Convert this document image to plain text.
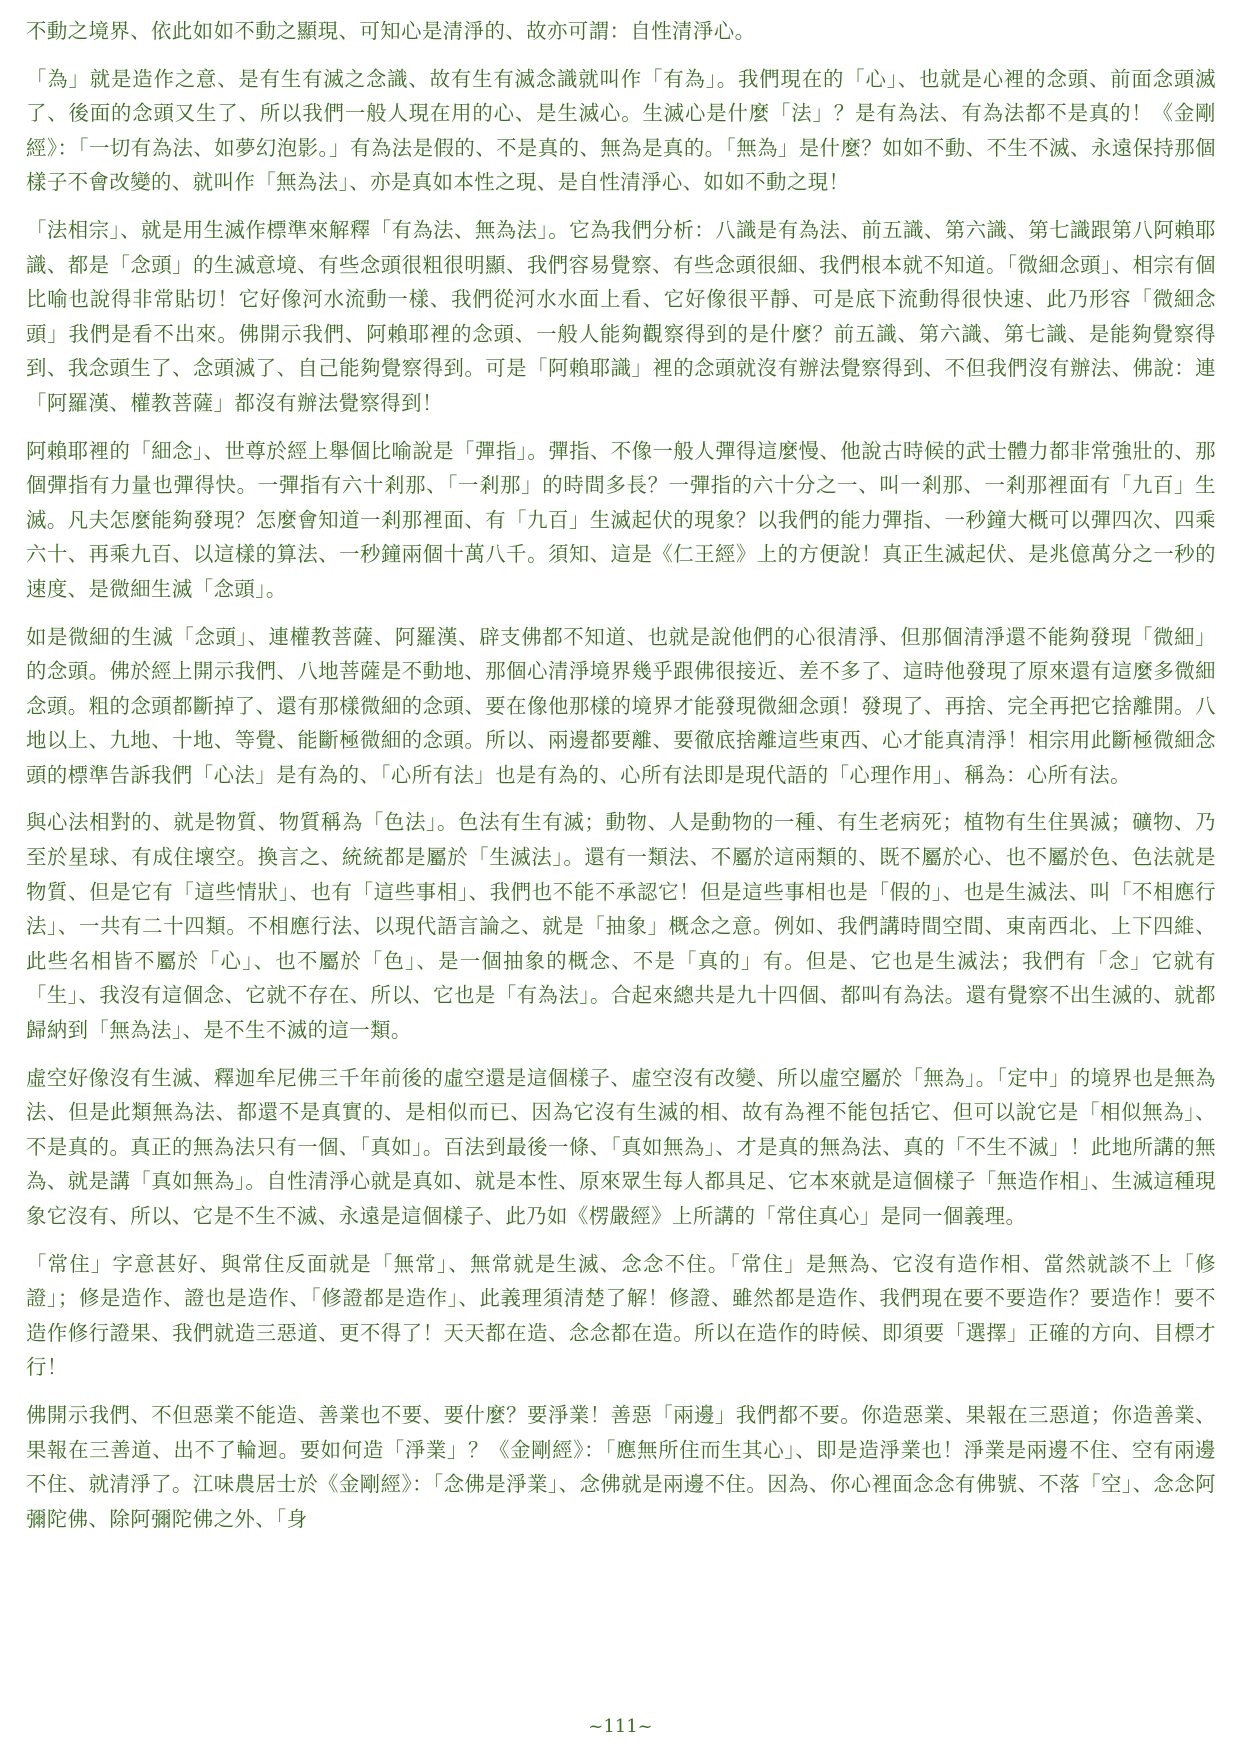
不動之境界、依此如如不動之顯現、可知心是清淨的、故亦可謂：自性清淨心。

「為」就是造作之意、是有生有滅之念識、故有生有滅念識就叫作「有為」。我們現在的「心」、也就是心裡的念頭、前面念頭滅了、後面的念頭又生了、所以我們一般人現在用的心、是生滅心。生滅心是什麼「法」？是有為法、有為法都不是真的！《金剛經》：「一切有為法、如夢幻泡影。」有為法是假的、不是真的、無為是真的。「無為」是什麼？如如不動、不生不滅、永遠保持那個樣子不會改變的、就叫作「無為法」、亦是真如本性之現、是自性清淨心、如如不動之現！

「法相宗」、就是用生滅作標準來解釋「有為法、無為法」。它為我們分析：八識是有為法、前五識、第六識、第七識跟第八阿賴耶識、都是「念頭」的生滅意境、有些念頭很粗很明顯、我們容易覺察、有些念頭很細、我們根本就不知道。「微細念頭」、相宗有個比喻也說得非常貼切！它好像河水流動一樣、我們從河水水面上看、它好像很平靜、可是底下流動得很快速、此乃形容「微細念頭」我們是看不出來。佛開示我們、阿賴耶裡的念頭、一般人能夠觀察得到的是什麼？前五識、第六識、第七識、是能夠覺察得到、我念頭生了、念頭滅了、自己能夠覺察得到。可是「阿賴耶識」裡的念頭就沒有辦法覺察得到、不但我們沒有辦法、佛說：連「阿羅漢、權教菩薩」都沒有辦法覺察得到！

阿賴耶裡的「細念」、世尊於經上舉個比喻說是「彈指」。彈指、不像一般人彈得這麼慢、他說古時候的武士體力都非常強壯的、那個彈指有力量也彈得快。一彈指有六十剎那、「一剎那」的時間多長？一彈指的六十分之一、叫一剎那、一剎那裡面有「九百」生滅。凡夫怎麼能夠發現？怎麼會知道一剎那裡面、有「九百」生滅起伏的現象？以我們的能力彈指、一秒鐘大概可以彈四次、四乘六十、再乘九百、以這樣的算法、一秒鐘兩個十萬八千。須知、這是《仁王經》上的方便說！真正生滅起伏、是兆億萬分之一秒的速度、是微細生滅「念頭」。

如是微細的生滅「念頭」、連權教菩薩、阿羅漢、辟支佛都不知道、也就是說他們的心很清淨、但那個清淨還不能夠發現「微細」的念頭。佛於經上開示我們、八地菩薩是不動地、那個心清淨境界幾乎跟佛很接近、差不多了、這時他發現了原來還有這麼多微細念頭。粗的念頭都斷掉了、還有那樣微細的念頭、要在像他那樣的境界才能發現微細念頭！發現了、再捨、完全再把它捨離開。八地以上、九地、十地、等覺、能斷極微細的念頭。所以、兩邊都要離、要徹底捨離這些東西、心才能真清淨！相宗用此斷極微細念頭的標準告訴我們「心法」是有為的、「心所有法」也是有為的、心所有法即是現代語的「心理作用」、稱為：心所有法。

與心法相對的、就是物質、物質稱為「色法」。色法有生有滅；動物、人是動物的一種、有生老病死；植物有生住異滅；礦物、乃至於星球、有成住壞空。換言之、統統都是屬於「生滅法」。還有一類法、不屬於這兩類的、既不屬於心、也不屬於色、色法就是物質、但是它有「這些情狀」、也有「這些事相」、我們也不能不承認它！但是這些事相也是「假的」、也是生滅法、叫「不相應行法」、一共有二十四類。不相應行法、以現代語言論之、就是「抽象」概念之意。例如、我們講時間空間、東南西北、上下四維、此些名相皆不屬於「心」、也不屬於「色」、是一個抽象的概念、不是「真的」有。但是、它也是生滅法；我們有「念」它就有「生」、我沒有這個念、它就不存在、所以、它也是「有為法」。合起來總共是九十四個、都叫有為法。還有覺察不出生滅的、就都歸納到「無為法」、是不生不滅的這一類。

虛空好像沒有生滅、釋迦牟尼佛三千年前後的虛空還是這個樣子、虛空沒有改變、所以虛空屬於「無為」。「定中」的境界也是無為法、但是此類無為法、都還不是真實的、是相似而已、因為它沒有生滅的相、故有為裡不能包括它、但可以說它是「相似無為」、不是真的。真正的無為法只有一個、「真如」。百法到最後一條、「真如無為」、才是真的無為法、真的「不生不滅」！此地所講的無為、就是講「真如無為」。自性清淨心就是真如、就是本性、原來眾生每人都具足、它本來就是這個樣子「無造作相」、生滅這種現象它沒有、所以、它是不生不滅、永遠是這個樣子、此乃如《楞嚴經》上所講的「常住真心」是同一個義理。

「常住」字意甚好、與常住反面就是「無常」、無常就是生滅、念念不住。「常住」是無為、它沒有造作相、當然就談不上「修證」；修是造作、證也是造作、「修證都是造作」、此義理須清楚了解！修證、雖然都是造作、我們現在要不要造作？要造作！要不造作修行證果、我們就造三惡道、更不得了！天天都在造、念念都在造。所以在造作的時候、即須要「選擇」正確的方向、目標才行！

佛開示我們、不但惡業不能造、善業也不要、要什麼？要淨業！善惡「兩邊」我們都不要。你造惡業、果報在三惡道；你造善業、果報在三善道、出不了輪迴。要如何造「淨業」？《金剛經》：「應無所住而生其心」、即是造淨業也！淨業是兩邊不住、空有兩邊不住、就清淨了。江味農居士於《金剛經》：「念佛是淨業」、念佛就是兩邊不住。因為、你心裡面念念有佛號、不落「空」、念念阿彌陀佛、除阿彌陀佛之外、「身

~111~
